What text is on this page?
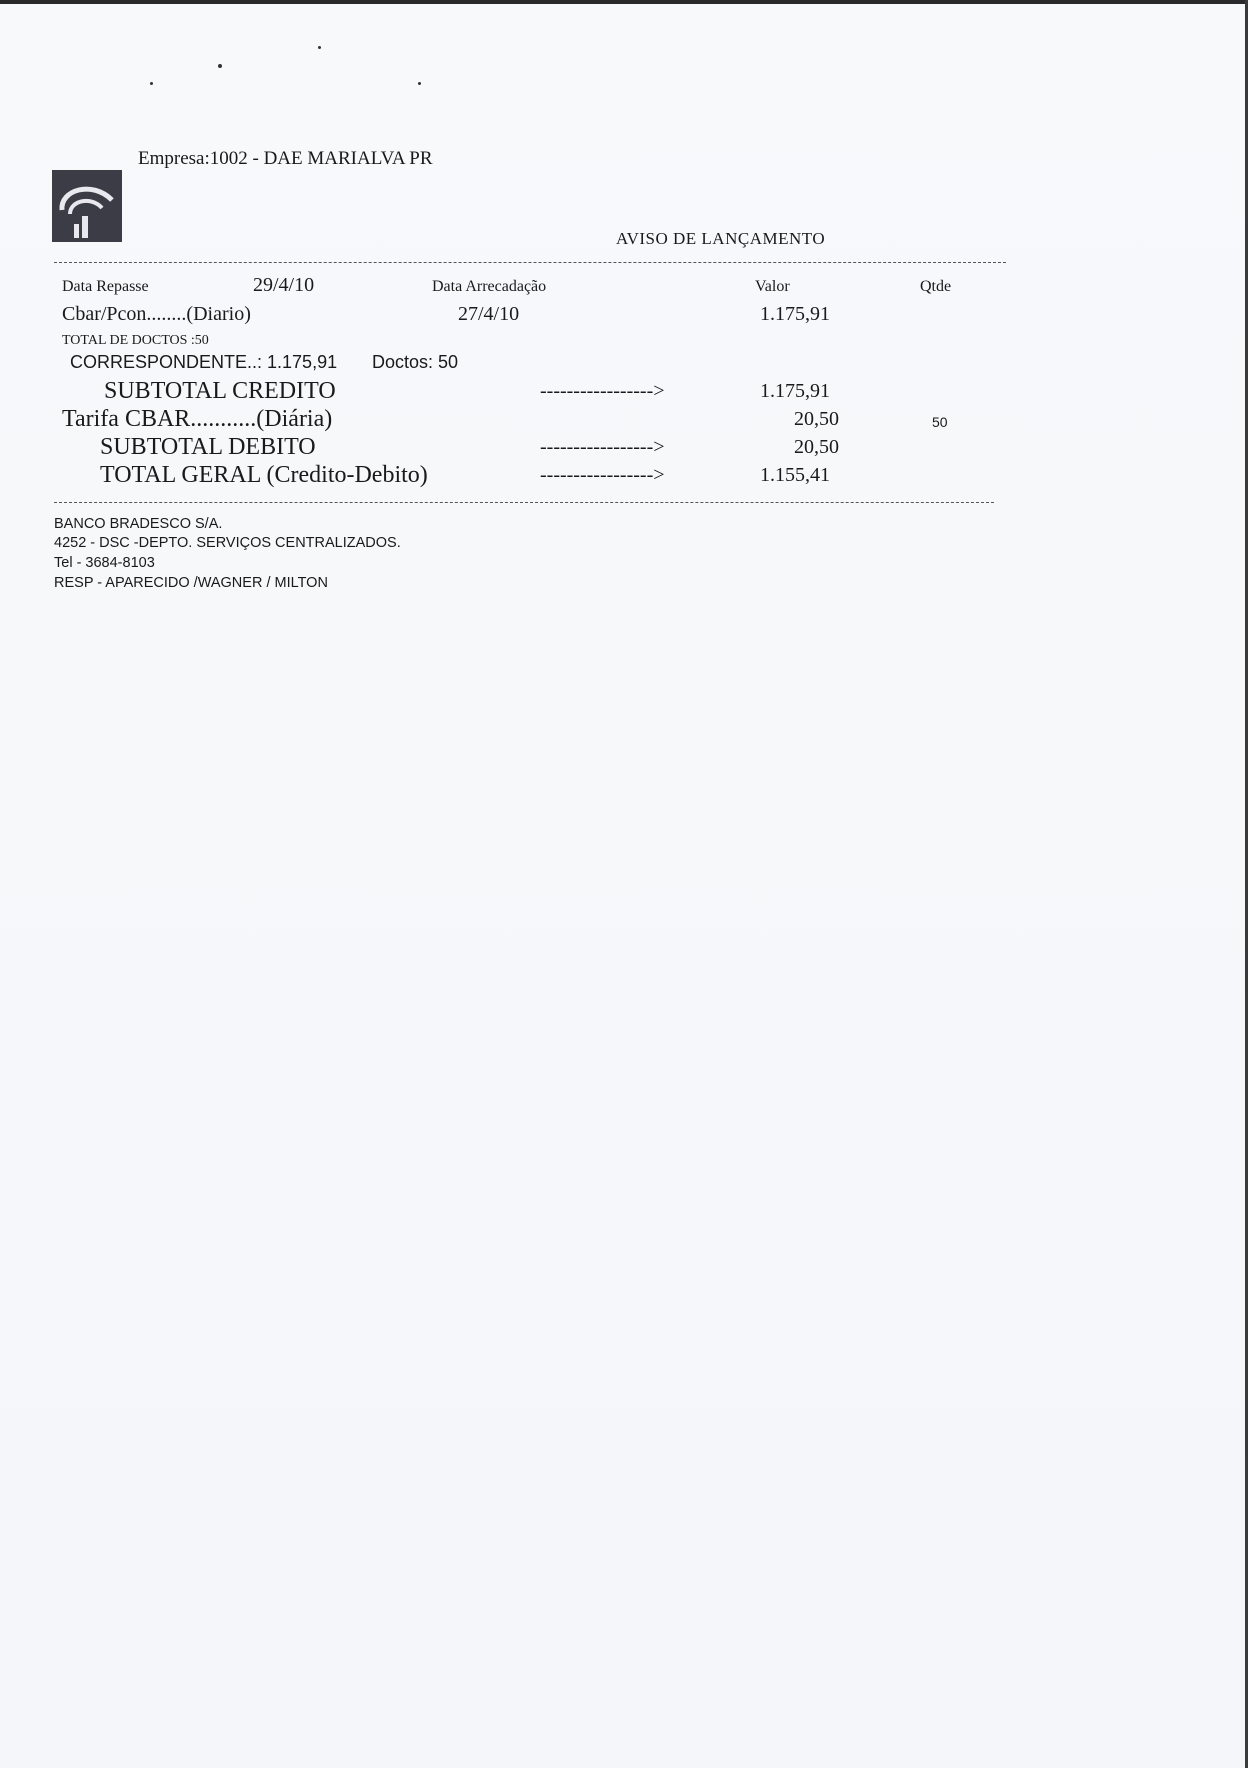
Empresa:1002 - DAE MARIALVA PR
AVISO DE LANÇAMENTO
Data Repasse	29/4/10	Data Arrecadação	Valor	Qtde
Cbar/Pcon........(Diario)	27/4/10	1.175,91
TOTAL DE DOCTOS :50
CORRESPONDENTE..: 1.175,91 Doctos: 50
SUBTOTAL CREDITO	----------------->	1.175,91
Tarifa CBAR...........(Diária)	20,50	50
SUBTOTAL DEBITO	----------------->	20,50
TOTAL GERAL (Credito-Debito)	----------------->	1.155,41
BANCO BRADESCO S/A.
4252 - DSC -DEPTO. SERVIÇOS CENTRALIZADOS.
Tel - 3684-8103
RESP - APARECIDO /WAGNER / MILTON
